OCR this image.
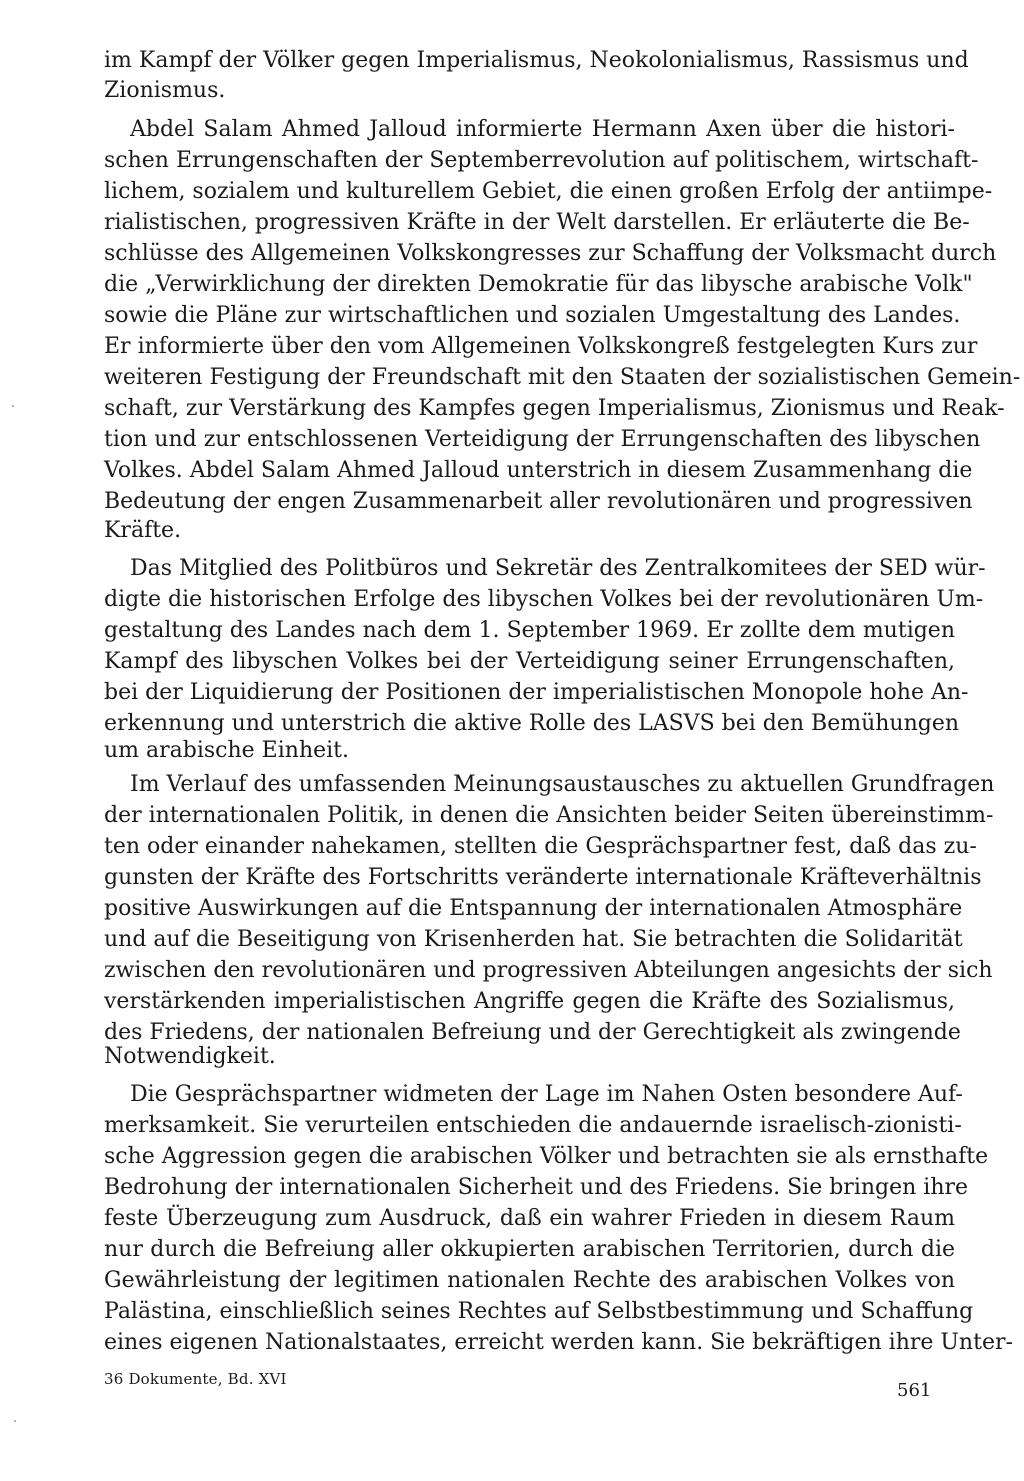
im Kampf der Völker gegen Imperialismus, Neokolonialismus, Rassismus und
Zionismus.
Abdel Salam Ahmed Jalloud informierte Hermann Axen über die histori-
schen Errungenschaften der Septemberrevolution auf politischem, wirtschaft-
lichem, sozialem und kulturellem Gebiet, die einen großen Erfolg der antiimpe-
rialistischen, progressiven Kräfte in der Welt darstellen. Er erläuterte die Be-
schlüsse des Allgemeinen Volkskongresses zur Schaffung der Volksmacht durch
die „Verwirklichung der direkten Demokratie für das libysche arabische Volk"
sowie die Pläne zur wirtschaftlichen und sozialen Umgestaltung des Landes.
Er informierte über den vom Allgemeinen Volkskongreß festgelegten Kurs zur
weiteren Festigung der Freundschaft mit den Staaten der sozialistischen Gemein-
schaft, zur Verstärkung des Kampfes gegen Imperialismus, Zionismus und Reak-
tion und zur entschlossenen Verteidigung der Errungenschaften des libyschen
Volkes. Abdel Salam Ahmed Jalloud unterstrich in diesem Zusammenhang die
Bedeutung der engen Zusammenarbeit aller revolutionären und progressiven
Kräfte.
Das Mitglied des Politbüros und Sekretär des Zentralkomitees der SED wür-
digte die historischen Erfolge des libyschen Volkes bei der revolutionären Um-
gestaltung des Landes nach dem 1. September 1969. Er zollte dem mutigen
Kampf des libyschen Volkes bei der Verteidigung seiner Errungenschaften,
bei der Liquidierung der Positionen der imperialistischen Monopole hohe An-
erkennung und unterstrich die aktive Rolle des LASVS bei den Bemühungen
um arabische Einheit.
Im Verlauf des umfassenden Meinungsaustausches zu aktuellen Grundfragen
der internationalen Politik, in denen die Ansichten beider Seiten übereinstimm-
ten oder einander nahekamen, stellten die Gesprächspartner fest, daß das zu-
gunsten der Kräfte des Fortschritts veränderte internationale Kräfteverhältnis
positive Auswirkungen auf die Entspannung der internationalen Atmosphäre
und auf die Beseitigung von Krisenherden hat. Sie betrachten die Solidarität
zwischen den revolutionären und progressiven Abteilungen angesichts der sich
verstärkenden imperialistischen Angriffe gegen die Kräfte des Sozialismus,
des Friedens, der nationalen Befreiung und der Gerechtigkeit als zwingende
Notwendigkeit.
Die Gesprächspartner widmeten der Lage im Nahen Osten besondere Auf-
merksamkeit. Sie verurteilen entschieden die andauernde israelisch-zionisti-
sche Aggression gegen die arabischen Völker und betrachten sie als ernsthafte
Bedrohung der internationalen Sicherheit und des Friedens. Sie bringen ihre
feste Überzeugung zum Ausdruck, daß ein wahrer Frieden in diesem Raum
nur durch die Befreiung aller okkupierten arabischen Territorien, durch die
Gewährleistung der legitimen nationalen Rechte des arabischen Volkes von
Palästina, einschließlich seines Rechtes auf Selbstbestimmung und Schaffung
eines eigenen Nationalstaates, erreicht werden kann. Sie bekräftigen ihre Unter-
36 Dokumente, Bd. XVI
561
